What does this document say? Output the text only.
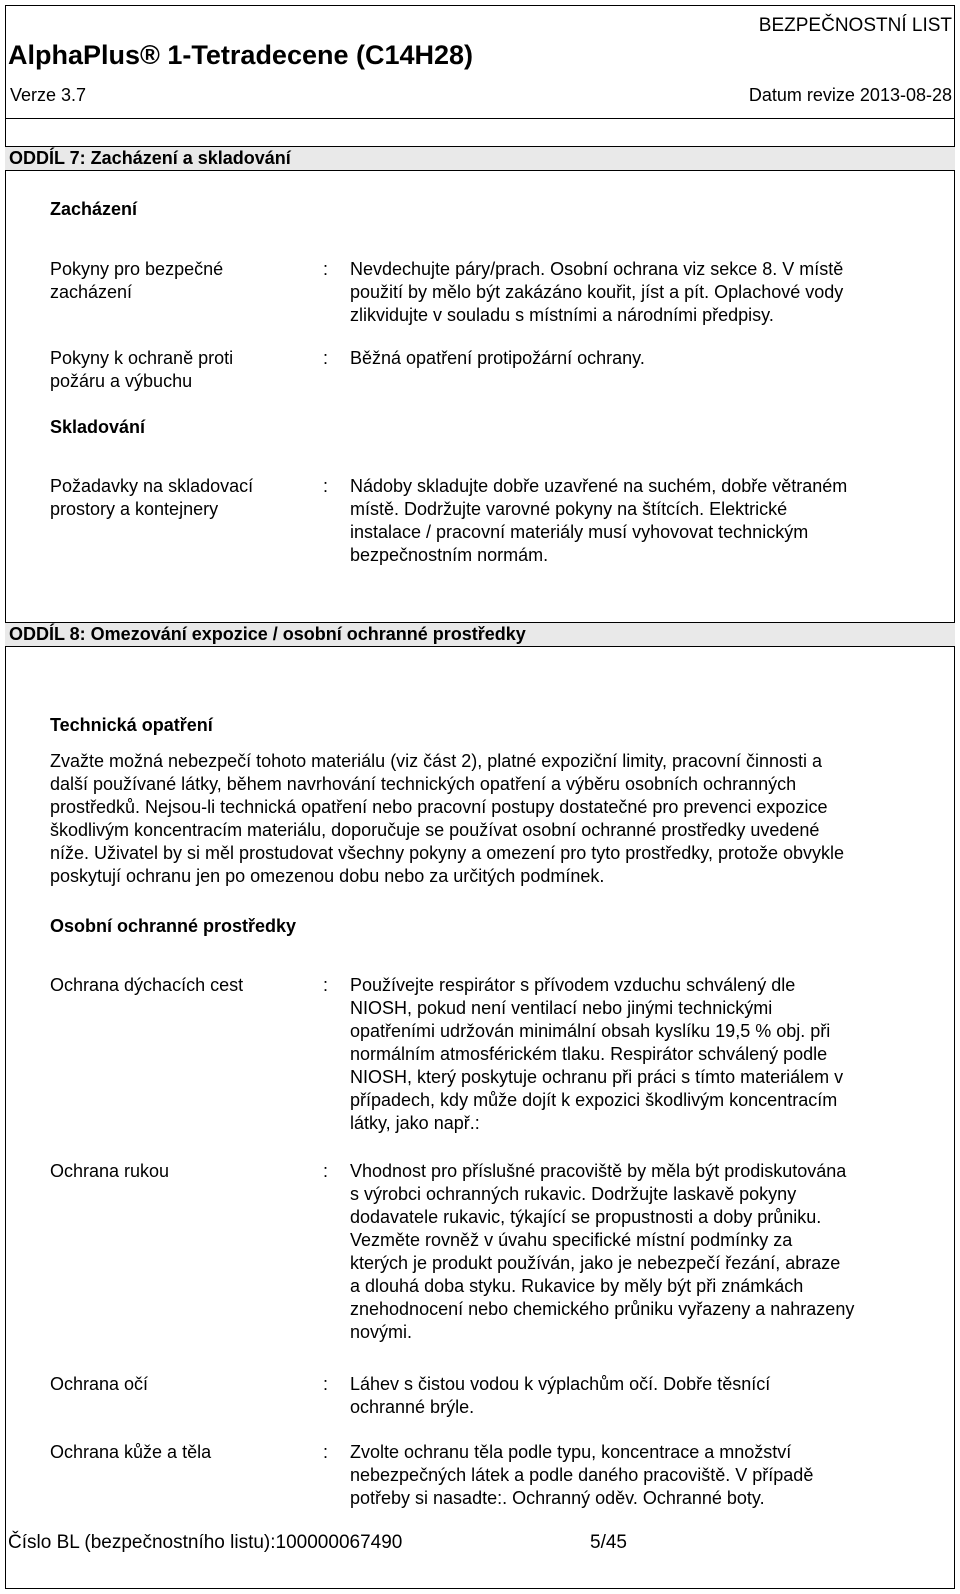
BEZPEČNOSTNÍ LIST
AlphaPlus® 1-Tetradecene (C14H28)
Verze 3.7	Datum revize 2013-08-28
ODDÍL 7: Zacházení a skladování
Zacházení
Pokyny pro bezpečné
zacházení
: Nevdechujte páry/prach. Osobní ochrana viz sekce 8. V místě
použití by mělo být zakázáno kouřit, jíst a pít. Oplachové vody
zlikvidujte v souladu s místními a národními předpisy.
Pokyny k ochraně proti
požáru a výbuchu
: Běžná opatření protipožární ochrany.
Skladování
Požadavky na skladovací
prostory a kontejnery
: Nádoby skladujte dobře uzavřené na suchém, dobře větraném
místě. Dodržujte varovné pokyny na štítcích. Elektrické
instalace / pracovní materiály musí vyhovovat technickým
bezpečnostním normám.
ODDÍL 8: Omezování expozice / osobní ochranné prostředky
Technická opatření
Zvažte možná nebezpečí tohoto materiálu (viz část 2), platné expoziční limity, pracovní činnosti a
další používané látky, během navrhování technických opatření a výběru osobních ochranných
prostředků. Nejsou-li technická opatření nebo pracovní postupy dostatečné pro prevenci expozice
škodlivým koncentracím materiálu, doporučuje se používat osobní ochranné prostředky uvedené
níže. Uživatel by si měl prostudovat všechny pokyny a omezení pro tyto prostředky, protože obvykle
poskytují ochranu jen po omezenou dobu nebo za určitých podmínek.
Osobní ochranné prostředky
Ochrana dýchacích cest	: Používejte respirátor s přívodem vzduchu schválený dle
NIOSH, pokud není ventilací nebo jinými technickými
opatřeními udržován minimální obsah kyslíku 19,5 % obj. při
normálním atmosférickém tlaku. Respirátor schválený podle
NIOSH, který poskytuje ochranu při práci s tímto materiálem v
případech, kdy může dojít k expozici škodlivým koncentracím
látky, jako např.:
Ochrana rukou	: Vhodnost pro příslušné pracoviště by měla být prodiskutována
s výrobci ochranných rukavic. Dodržujte laskavě pokyny
dodavatele rukavic, týkající se propustnosti a doby průniku.
Vezměte rovněž v úvahu specifické místní podmínky za
kterých je produkt používán, jako je nebezpečí řezání, abraze
a dlouhá doba styku. Rukavice by měly být při známkách
znehodnocení nebo chemického průniku vyřazeny a nahrazeny
novými.
Ochrana očí	: Láhev s čistou vodou k výplachům očí. Dobře těsnící
ochranné brýle.
Ochrana kůže a těla	: Zvolte ochranu těla podle typu, koncentrace a množství
nebezpečných látek a podle daného pracoviště. V případě
potřeby si nasadte:. Ochranný oděv. Ochranné boty.
Číslo BL (bezpečnostního listu):100000067490	5/45
